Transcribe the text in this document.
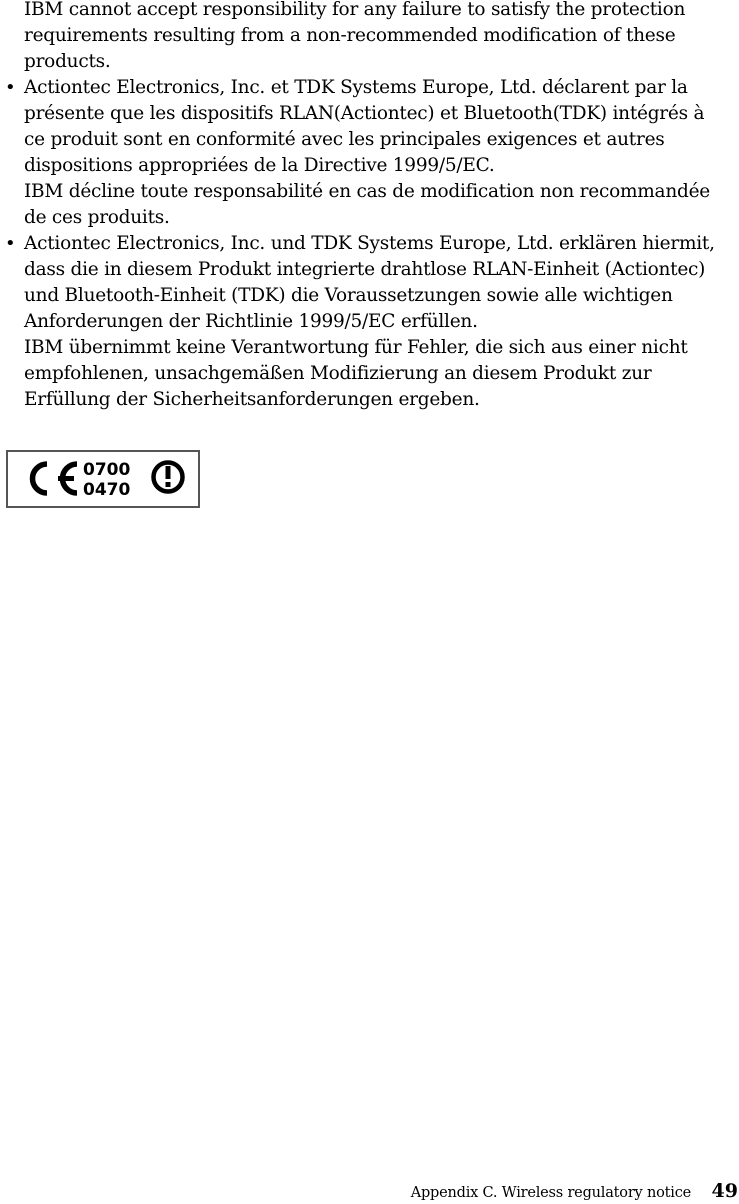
IBM cannot accept responsibility for any failure to satisfy the protection
requirements resulting from a non-recommended modification of these
products.

• Actiontec Electronics, Inc. et TDK Systems Europe, Ltd. déclarent par la
présente que les dispositifs RLAN(Actiontec) et Bluetooth(TDK) intégrés à
ce produit sont en conformité avec les principales exigences et autres
dispositions appropriées de la Directive 1999/5/EC.
IBM décline toute responsabilité en cas de modification non recommandée
de ces produits.

• Actiontec Electronics, Inc. und TDK Systems Europe, Ltd. erklären hiermit,
dass die in diesem Produkt integrierte drahtlose RLAN-Einheit (Actiontec)
und Bluetooth-Einheit (TDK) die Voraussetzungen sowie alle wichtigen
Anforderungen der Richtlinie 1999/5/EC erfüllen.
IBM übernimmt keine Verantwortung für Fehler, die sich aus einer nicht
empfohlenen, unsachgemäßen Modifizierung an diesem Produkt zur
Erfüllung der Sicherheitsanforderungen ergeben.

0700
0470
Appendix C. Wireless regulatory notice 49
